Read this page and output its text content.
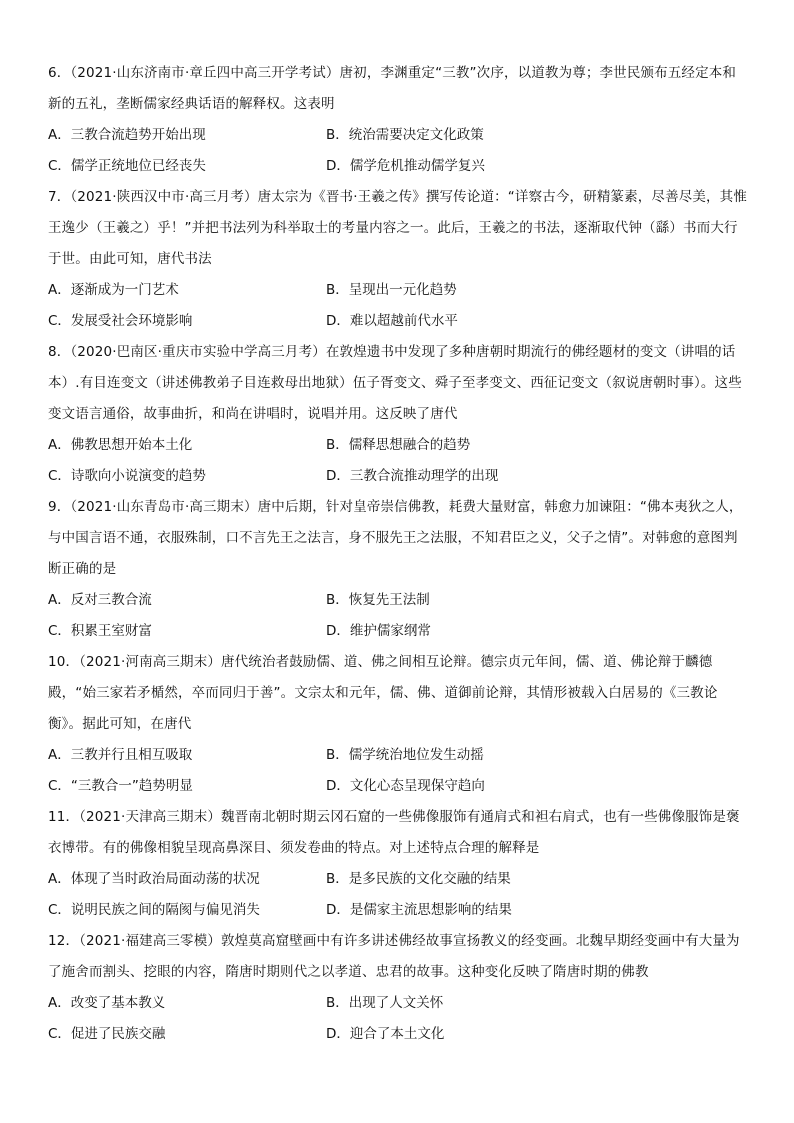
6．（2021·山东济南市·章丘四中高三开学考试）唐初，李渊重定“三教”次序，以道教为尊；李世民颁布五经定本和新的五礼，垄断儒家经典话语的解释权。这表明

A．三教合流趋势开始出现	B．统治需要决定文化政策
C．儒学正统地位已经丧失	D．儒学危机推动儒学复兴

7．（2021·陕西汉中市·高三月考）唐太宗为《晋书·王羲之传》撰写传论道：“详察古今，研精篆素，尽善尽美，其惟王逸少（王羲之）乎！”并把书法列为科举取士的考量内容之一。此后，王羲之的书法，逐渐取代钟（繇）书而大行于世。由此可知，唐代书法

A．逐渐成为一门艺术	B．呈现出一元化趋势
C．发展受社会环境影响	D．难以超越前代水平

8．（2020·巴南区·重庆市实验中学高三月考）在敦煌遗书中发现了多种唐朝时期流行的佛经题材的变文（讲唱的话本）.有目连变文（讲述佛教弟子目连救母出地狱）伍子胥变文、舜子至孝变文、西征记变文（叙说唐朝时事）。这些变文语言通俗，故事曲折，和尚在讲唱时，说唱并用。这反映了唐代

A．佛教思想开始本土化	B．儒释思想融合的趋势
C．诗歌向小说演变的趋势	D．三教合流推动理学的出现

9．（2021·山东青岛市·高三期末）唐中后期，针对皇帝崇信佛教，耗费大量财富，韩愈力加谏阻：“佛本夷狄之人，与中国言语不通，衣服殊制，口不言先王之法言，身不服先王之法服，不知君臣之义，父子之情”。对韩愈的意图判断正确的是

A．反对三教合流	B．恢复先王法制
C．积累王室财富	D．维护儒家纲常

10．（2021·河南高三期末）唐代统治者鼓励儒、道、佛之间相互论辩。德宗贞元年间，儒、道、佛论辩于麟德殿，“始三家若矛楯然，卒而同归于善”。文宗太和元年，儒、佛、道御前论辩，其情形被载入白居易的《三教论衡》。据此可知，在唐代

A．三教并行且相互吸取	B．儒学统治地位发生动摇
C．“三教合一”趋势明显	D．文化心态呈现保守趋向

11．（2021·天津高三期末）魏晋南北朝时期云冈石窟的一些佛像服饰有通肩式和袒右肩式，也有一些佛像服饰是褒衣博带。有的佛像相貌呈现高鼻深目、须发卷曲的特点。对上述特点合理的解释是

A．体现了当时政治局面动荡的状况	B．是多民族的文化交融的结果
C．说明民族之间的隔阂与偏见消失	D．是儒家主流思想影响的结果

12．（2021·福建高三零模）敦煌莫高窟壁画中有许多讲述佛经故事宣扬教义的经变画。北魏早期经变画中有大量为了施舍而割头、挖眼的内容，隋唐时期则代之以孝道、忠君的故事。这种变化反映了隋唐时期的佛教

A．改变了基本教义	B．出现了人文关怀
C．促进了民族交融	D．迎合了本土文化
